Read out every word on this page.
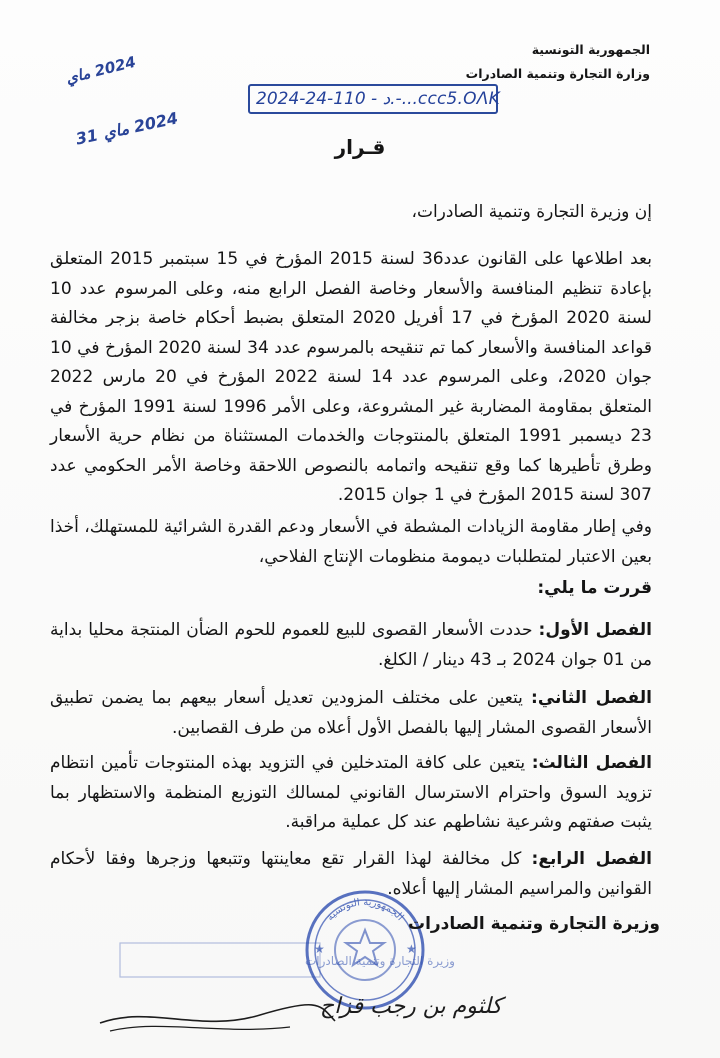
الجمهورية التونسية
وزارة التجارة وتنمية الصادرات
2024 ماي
2024 ماي 31
د - 110-24-2024.-...ccc5.ΟΛΚ
قـرار
إن وزيرة التجارة وتنمية الصادرات،
بعد اطلاعها على القانون عدد36 لسنة 2015 المؤرخ في 15 سبتمبر 2015 المتعلق بإعادة تنظيم المنافسة والأسعار وخاصة الفصل الرابع منه، وعلى المرسوم عدد 10 لسنة 2020 المؤرخ في 17 أفريل 2020 المتعلق بضبط أحكام خاصة بزجر مخالفة قواعد المنافسة والأسعار كما تم تنقيحه بالمرسوم عدد 34 لسنة 2020 المؤرخ في 10 جوان 2020، وعلى المرسوم عدد 14 لسنة 2022 المؤرخ في 20 مارس 2022 المتعلق بمقاومة المضاربة غير المشروعة، وعلى الأمر 1996 لسنة 1991 المؤرخ في 23 ديسمبر 1991 المتعلق بالمنتوجات والخدمات المستثناة من نظام حرية الأسعار وطرق تأطيرها كما وقع تنقيحه واتمامه بالنصوص اللاحقة وخاصة الأمر الحكومي عدد 307 لسنة 2015 المؤرخ في 1 جوان 2015.
وفي إطار مقاومة الزيادات المشطة في الأسعار ودعم القدرة الشرائية للمستهلك، أخذا بعين الاعتبار لمتطلبات ديمومة منظومات الإنتاج الفلاحي،
قررت ما يلي:
الفصل الأول: حددت الأسعار القصوى للبيع للعموم للحوم الضأن المنتجة محليا بداية من 01 جوان 2024 بـ 43 دينار / الكلغ.
الفصل الثاني: يتعين على مختلف المزودين تعديل أسعار بيعهم بما يضمن تطبيق الأسعار القصوى المشار إليها بالفصل الأول أعلاه من طرف القصابين.
الفصل الثالث: يتعين على كافة المتدخلين في التزويد بهذه المنتوجات تأمين انتظام تزويد السوق واحترام الاسترسال القانوني لمسالك التوزيع المنظمة والاستظهار بما يثبت صفتهم وشرعية نشاطهم عند كل عملية مراقبة.
الفصل الرابع: كل مخالفة لهذا القرار تقع معاينتها وتتبعها وزجرها وفقا لأحكام القوانين والمراسيم المشار إليها أعلاه.
الجمهورية التونسية
★	★
وزيرة التجارة وتنمية الصادرات
وزيرة التجارة وتنمية الصادرات
كلثوم بن رجب قزاح
